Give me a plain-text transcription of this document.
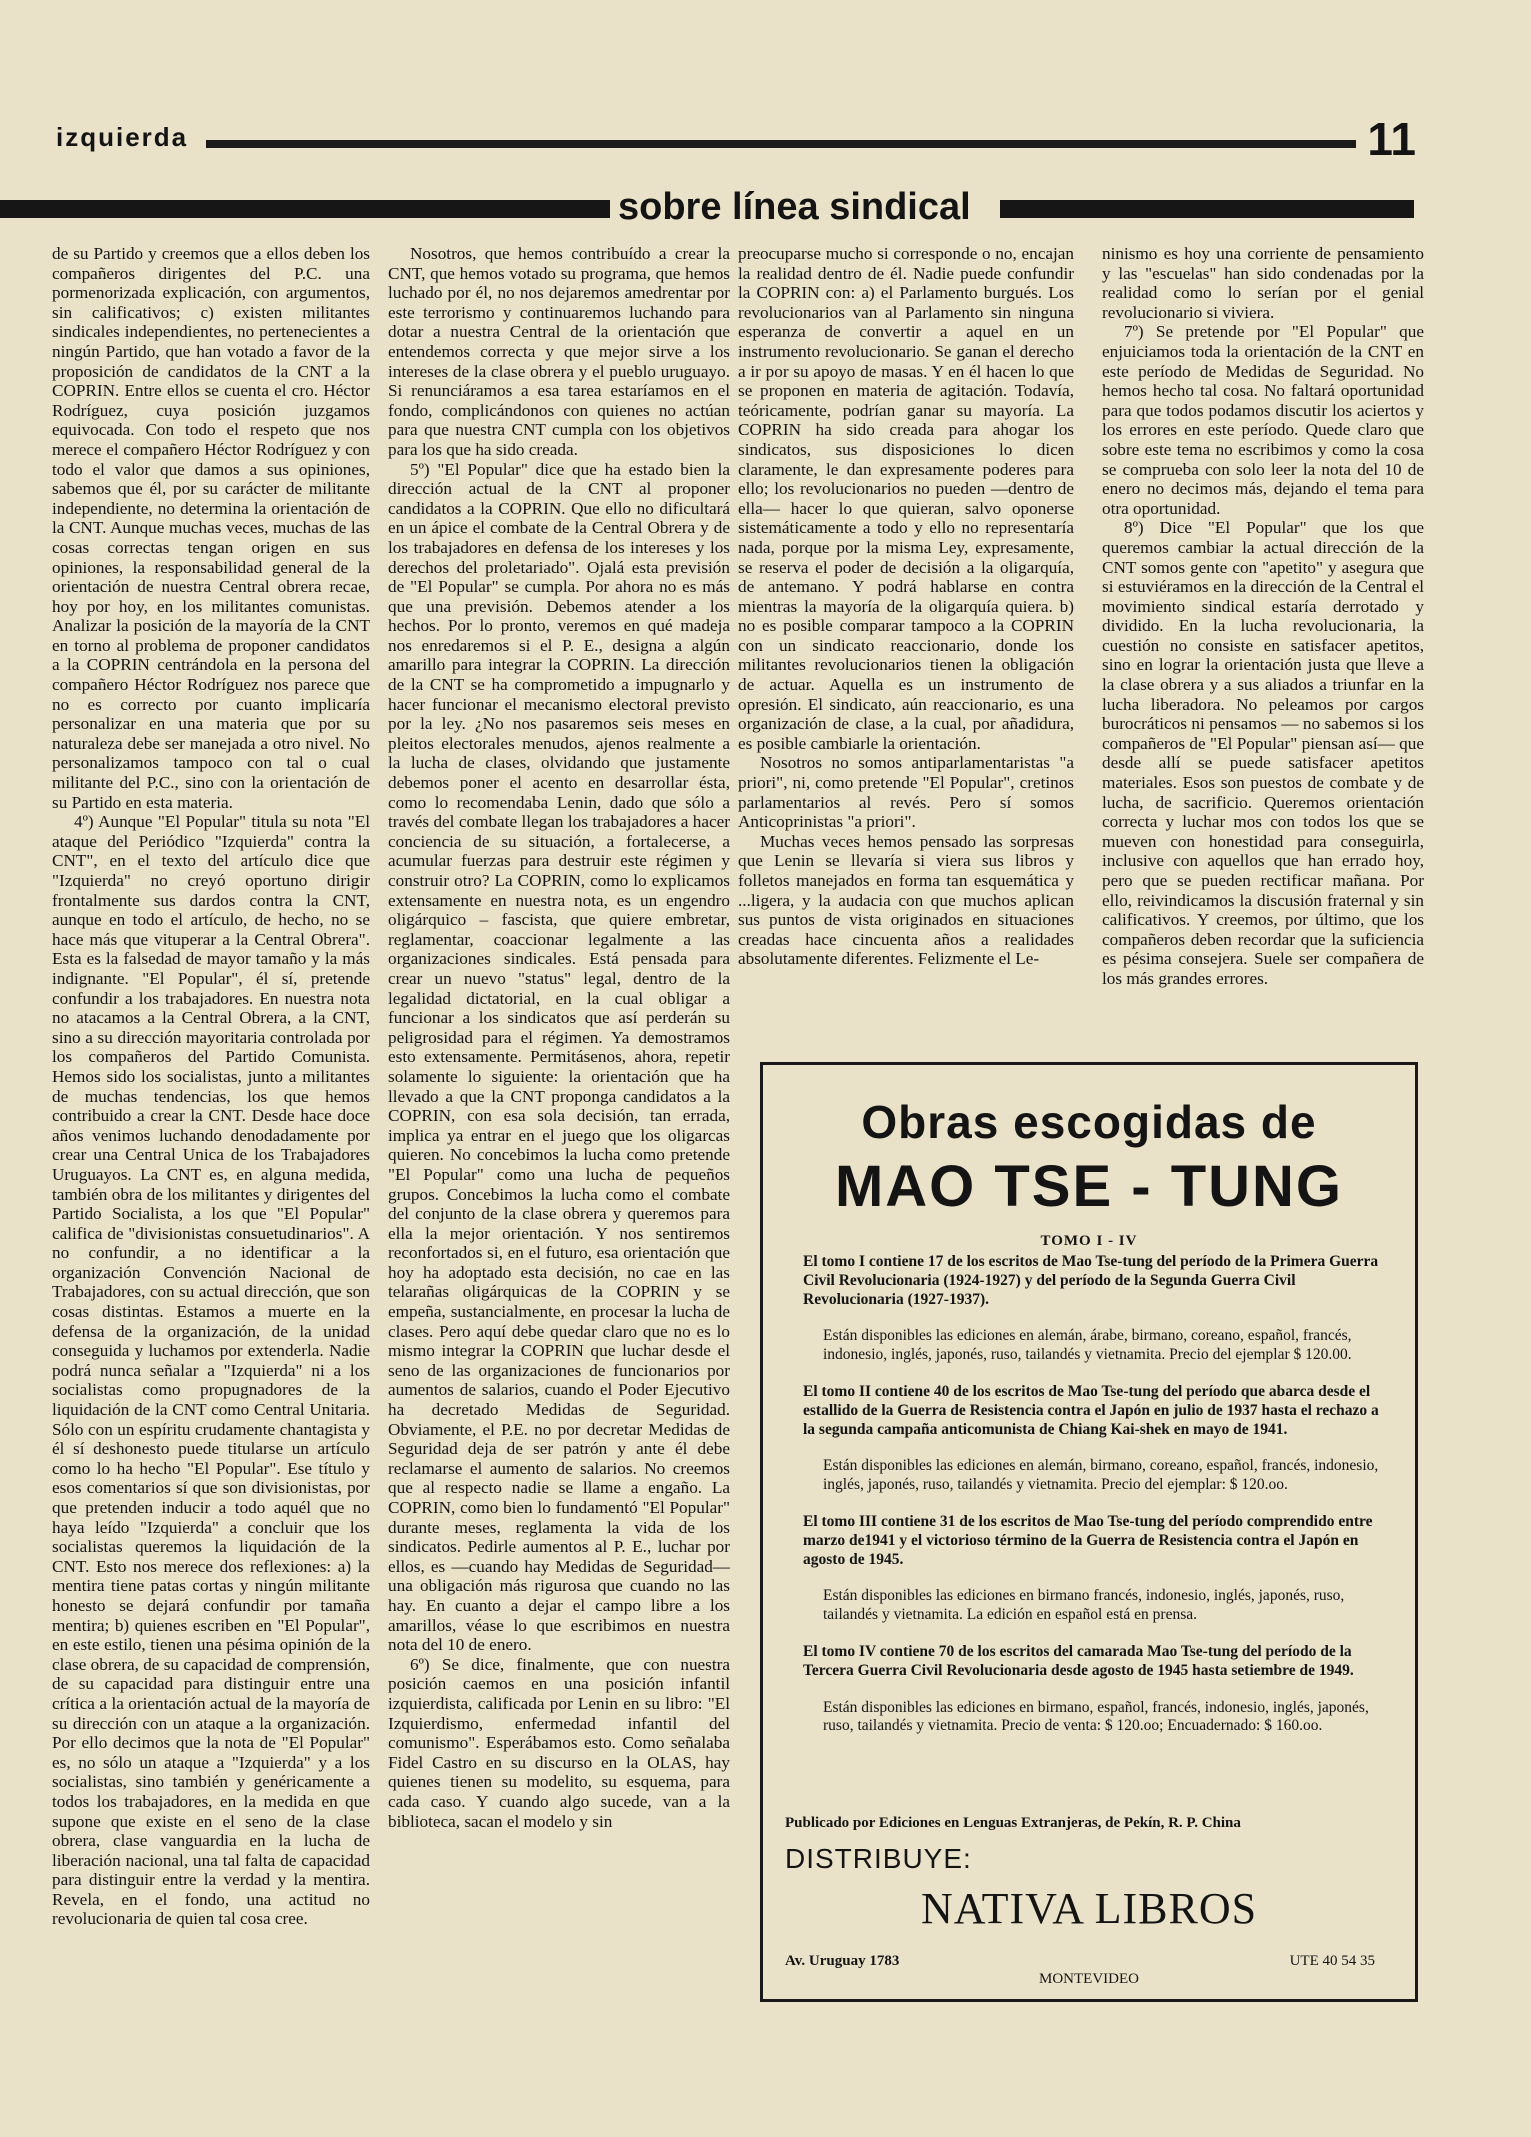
izquierda	11
sobre línea sindical

de su Partido y creemos que a ellos deben los compañeros dirigentes del P.C. una pormenorizada explicación, con argumentos, sin calificativos; c) existen militantes sindicales independientes, no pertenecientes a ningún Partido, que han votado a favor de la proposición de candidatos de la CNT a la COPRIN. Entre ellos se cuenta el cro. Héctor Rodríguez, cuya posición juzgamos equivocada. Con todo el respeto que nos merece el compañero Héctor Rodríguez y con todo el valor que damos a sus opiniones, sabemos que él, por su carácter de militante independiente, no determina la orientación de la CNT. Aunque muchas veces, muchas de las cosas correctas tengan origen en sus opiniones, la responsabilidad general de la orientación de nuestra Central obrera recae, hoy por hoy, en los militantes comunistas. Analizar la posición de la mayoría de la CNT en torno al problema de proponer candidatos a la COPRIN centrándola en la persona del compañero Héctor Rodríguez nos parece que no es correcto por cuanto implicaría personalizar en una materia que por su naturaleza debe ser manejada a otro nivel. No personalizamos tampoco con tal o cual militante del P.C., sino con la orientación de su Partido en esta materia.

4º) Aunque "El Popular" titula su nota "El ataque del Periódico "Izquierda" contra la CNT", en el texto del artículo dice que "Izquierda" no creyó oportuno dirigir frontalmente sus dardos contra la CNT, aunque en todo el artículo, de hecho, no se hace más que vituperar a la Central Obrera". Esta es la falsedad de mayor tamaño y la más indignante. "El Popular", él sí, pretende confundir a los trabajadores. En nuestra nota no atacamos a la Central Obrera, a la CNT, sino a su dirección mayoritaria controlada por los compañeros del Partido Comunista. Hemos sido los socialistas, junto a militantes de muchas tendencias, los que hemos contribuido a crear la CNT. Desde hace doce años venimos luchando denodadamente por crear una Central Unica de los Trabajadores Uruguayos. La CNT es, en alguna medida, también obra de los militantes y dirigentes del Partido Socialista, a los que "El Popular" califica de "divisionistas consuetudinarios". A no confundir, a no identificar a la organización Convención Nacional de Trabajadores, con su actual dirección, que son cosas distintas. Estamos a muerte en la defensa de la organización, de la unidad conseguida y luchamos por extenderla. Nadie podrá nunca señalar a "Izquierda" ni a los socialistas como propugnadores de la liquidación de la CNT como Central Unitaria. Sólo con un espíritu crudamente chantagista y él sí deshonesto puede titularse un artículo como lo ha hecho "El Popular". Ese título y esos comentarios sí que son divisionistas, por que pretenden inducir a todo aquél que no haya leído "Izquierda" a concluir que los socialistas queremos la liquidación de la CNT. Esto nos merece dos reflexiones: a) la mentira tiene patas cortas y ningún militante honesto se dejará confundir por tamaña mentira; b) quienes escriben en "El Popular", en este estilo, tienen una pésima opinión de la clase obrera, de su capacidad de comprensión, de su capacidad para distinguir entre una crítica a la orientación actual de la mayoría de su dirección con un ataque a la organización. Por ello decimos que la nota de "El Popular" es, no sólo un ataque a "Izquierda" y a los socialistas, sino también y genéricamente a todos los trabajadores, en la medida en que supone que existe en el seno de la clase obrera, clase vanguardia en la lucha de liberación nacional, una tal falta de capacidad para distinguir entre la verdad y la mentira. Revela, en el fondo, una actitud no revolucionaria de quien tal cosa cree.

Nosotros, que hemos contribuído a crear la CNT, que hemos votado su programa, que hemos luchado por él, no nos dejaremos amedrentar por este terrorismo y continuaremos luchando para dotar a nuestra Central de la orientación que entendemos correcta y que mejor sirve a los intereses de la clase obrera y el pueblo uruguayo. Si renunciáramos a esa tarea estaríamos en el fondo, complicándonos con quienes no actúan para que nuestra CNT cumpla con los objetivos para los que ha sido creada.

5º) "El Popular" dice que ha estado bien la dirección actual de la CNT al proponer candidatos a la COPRIN. Que ello no dificultará en un ápice el combate de la Central Obrera y de los trabajadores en defensa de los intereses y los derechos del proletariado". Ojalá esta previsión de "El Popular" se cumpla. Por ahora no es más que una previsión. Debemos atender a los hechos. Por lo pronto, veremos en qué madeja nos enredaremos si el P. E., designa a algún amarillo para integrar la COPRIN. La dirección de la CNT se ha comprometido a impugnarlo y hacer funcionar el mecanismo electoral previsto por la ley. ¿No nos pasaremos seis meses en pleitos electorales menudos, ajenos realmente a la lucha de clases, olvidando que justamente debemos poner el acento en desarrollar ésta, como lo recomendaba Lenin, dado que sólo a través del combate llegan los trabajadores a hacer conciencia de su situación, a fortalecerse, a acumular fuerzas para destruir este régimen y construir otro? La COPRIN, como lo explicamos extensamente en nuestra nota, es un engendro oligárquico – fascista, que quiere embretar, reglamentar, coaccionar legalmente a las organizaciones sindicales. Está pensada para crear un nuevo "status" legal, dentro de la legalidad dictatorial, en la cual obligar a funcionar a los sindicatos que así perderán su peligrosidad para el régimen. Ya demostramos esto extensamente. Permitásenos, ahora, repetir solamente lo siguiente: la orientación que ha llevado a que la CNT proponga candidatos a la COPRIN, con esa sola decisión, tan errada, implica ya entrar en el juego que los oligarcas quieren. No concebimos la lucha como pretende "El Popular" como una lucha de pequeños grupos. Concebimos la lucha como el combate del conjunto de la clase obrera y queremos para ella la mejor orientación. Y nos sentiremos reconfortados si, en el futuro, esa orientación que hoy ha adoptado esta decisión, no cae en las telarañas oligárquicas de la COPRIN y se empeña, sustancialmente, en procesar la lucha de clases. Pero aquí debe quedar claro que no es lo mismo integrar la COPRIN que luchar desde el seno de las organizaciones de funcionarios por aumentos de salarios, cuando el Poder Ejecutivo ha decretado Medidas de Seguridad. Obviamente, el P.E. no por decretar Medidas de Seguridad deja de ser patrón y ante él debe reclamarse el aumento de salarios. No creemos que al respecto nadie se llame a engaño. La COPRIN, como bien lo fundamentó "El Popular" durante meses, reglamenta la vida de los sindicatos. Pedirle aumentos al P. E., luchar por ellos, es —cuando hay Medidas de Seguridad— una obligación más rigurosa que cuando no las hay. En cuanto a dejar el campo libre a los amarillos, véase lo que escribimos en nuestra nota del 10 de enero.

6º) Se dice, finalmente, que con nuestra posición caemos en una posición infantil izquierdista, calificada por Lenin en su libro: "El Izquierdismo, enfermedad infantil del comunismo". Esperábamos esto. Como señalaba Fidel Castro en su discurso en la OLAS, hay quienes tienen su modelito, su esquema, para cada caso. Y cuando algo sucede, van a la biblioteca, sacan el modelo y sin

preocuparse mucho si corresponde o no, encajan la realidad dentro de él. Nadie puede confundir la COPRIN con: a) el Parlamento burgués. Los revolucionarios van al Parlamento sin ninguna esperanza de convertir a aquel en un instrumento revolucionario. Se ganan el derecho a ir por su apoyo de masas. Y en él hacen lo que se proponen en materia de agitación. Todavía, teóricamente, podrían ganar su mayoría. La COPRIN ha sido creada para ahogar los sindicatos, sus disposiciones lo dicen claramente, le dan expresamente poderes para ello; los revolucionarios no pueden —dentro de ella— hacer lo que quieran, salvo oponerse sistemáticamente a todo y ello no representaría nada, porque por la misma Ley, expresamente, se reserva el poder de decisión a la oligarquía, de antemano. Y podrá hablarse en contra mientras la mayoría de la oligarquía quiera. b) no es posible comparar tampoco a la COPRIN con un sindicato reaccionario, donde los militantes revolucionarios tienen la obligación de actuar. Aquella es un instrumento de opresión. El sindicato, aún reaccionario, es una organización de clase, a la cual, por añadidura, es posible cambiarle la orientación.

Nosotros no somos antiparlamentaristas "a priori", ni, como pretende "El Popular", cretinos parlamentarios al revés. Pero sí somos Anticoprinistas "a priori".

Muchas veces hemos pensado las sorpresas que Lenin se llevaría si viera sus libros y folletos manejados en forma tan esquemática y ...ligera, y la audacia con que muchos aplican sus puntos de vista originados en situaciones creadas hace cincuenta años a realidades absolutamente diferentes. Felizmente el Le-

ninismo es hoy una corriente de pensamiento y las "escuelas" han sido condenadas por la realidad como lo serían por el genial revolucionario si viviera.

7º) Se pretende por "El Popular" que enjuiciamos toda la orientación de la CNT en este período de Medidas de Seguridad. No hemos hecho tal cosa. No faltará oportunidad para que todos podamos discutir los aciertos y los errores en este período. Quede claro que sobre este tema no escribimos y como la cosa se comprueba con solo leer la nota del 10 de enero no decimos más, dejando el tema para otra oportunidad.

8º) Dice "El Popular" que los que queremos cambiar la actual dirección de la CNT somos gente con "apetito" y asegura que si estuviéramos en la dirección de la Central el movimiento sindical estaría derrotado y dividido. En la lucha revolucionaria, la cuestión no consiste en satisfacer apetitos, sino en lograr la orientación justa que lleve a la clase obrera y a sus aliados a triunfar en la lucha liberadora. No peleamos por cargos burocráticos ni pensamos — no sabemos si los compañeros de "El Popular" piensan así— que desde allí se puede satisfacer apetitos materiales. Esos son puestos de combate y de lucha, de sacrificio. Queremos orientación correcta y luchar mos con todos los que se mueven con honestidad para conseguirla, inclusive con aquellos que han errado hoy, pero que se pueden rectificar mañana. Por ello, reivindicamos la discusión fraternal y sin calificativos. Y creemos, por último, que los compañeros deben recordar que la suficiencia es pésima consejera. Suele ser compañera de los más grandes errores.

Obras escogidas de
MAO TSE - TUNG
TOMO I - IV

El tomo I contiene 17 de los escritos de Mao Tse-tung del período de la Primera Guerra Civil Revolucionaria (1924-1927) y del período de la Segunda Guerra Civil Revolucionaria (1927-1937).

Están disponibles las ediciones en alemán, árabe, birmano, coreano, español, francés, indonesio, inglés, japonés, ruso, tailandés y vietnamita. Precio del ejemplar $ 120.00.

El tomo II contiene 40 de los escritos de Mao Tse-tung del período que abarca desde el estallido de la Guerra de Resistencia contra el Japón en julio de 1937 hasta el rechazo a la segunda campaña anticomunista de Chiang Kai-shek en mayo de 1941.

Están disponibles las ediciones en alemán, birmano, coreano, español, francés, indonesio, inglés, japonés, ruso, tailandés y vietnamita. Precio del ejemplar: $ 120.oo.

El tomo III contiene 31 de los escritos de Mao Tse-tung del período comprendido entre marzo de1941 y el victorioso término de la Guerra de Resistencia contra el Japón en agosto de 1945.

Están disponibles las ediciones en birmano francés, indonesio, inglés, japonés, ruso, tailandés y vietnamita. La edición en español está en prensa.

El tomo IV contiene 70 de los escritos del camarada Mao Tse-tung del período de la Tercera Guerra Civil Revolucionaria desde agosto de 1945 hasta setiembre de 1949.

Están disponibles las ediciones en birmano, español, francés, indonesio, inglés, japonés, ruso, tailandés y vietnamita. Precio de venta: $ 120.oo; Encuadernado: $ 160.oo.

Publicado por Ediciones en Lenguas Extranjeras, de Pekín, R. P. China
DISTRIBUYE:
NATIVA LIBROS
Av. Uruguay 1783	UTE 40 54 35
MONTEVIDEO
